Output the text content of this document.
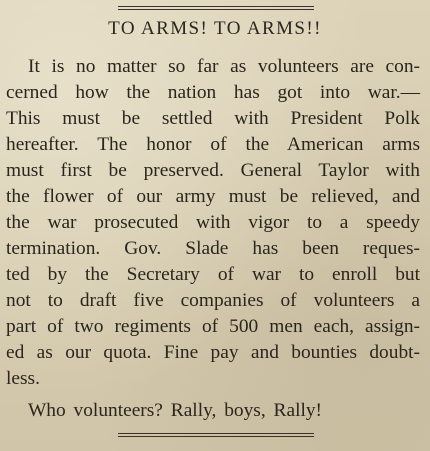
TO ARMS! TO ARMS!!
It is no matter so far as volunteers are con-
cerned how the nation has got into war.—
This must be settled with President Polk
hereafter. The honor of the American arms
must first be preserved. General Taylor with
the flower of our army must be relieved, and
the war prosecuted with vigor to a speedy
termination. Gov. Slade has been reques-
ted by the Secretary of war to enroll but
not to draft five companies of volunteers a
part of two regiments of 500 men each, assign-
ed as our quota. Fine pay and bounties doubt-
less.
Who volunteers? Rally, boys, Rally!
